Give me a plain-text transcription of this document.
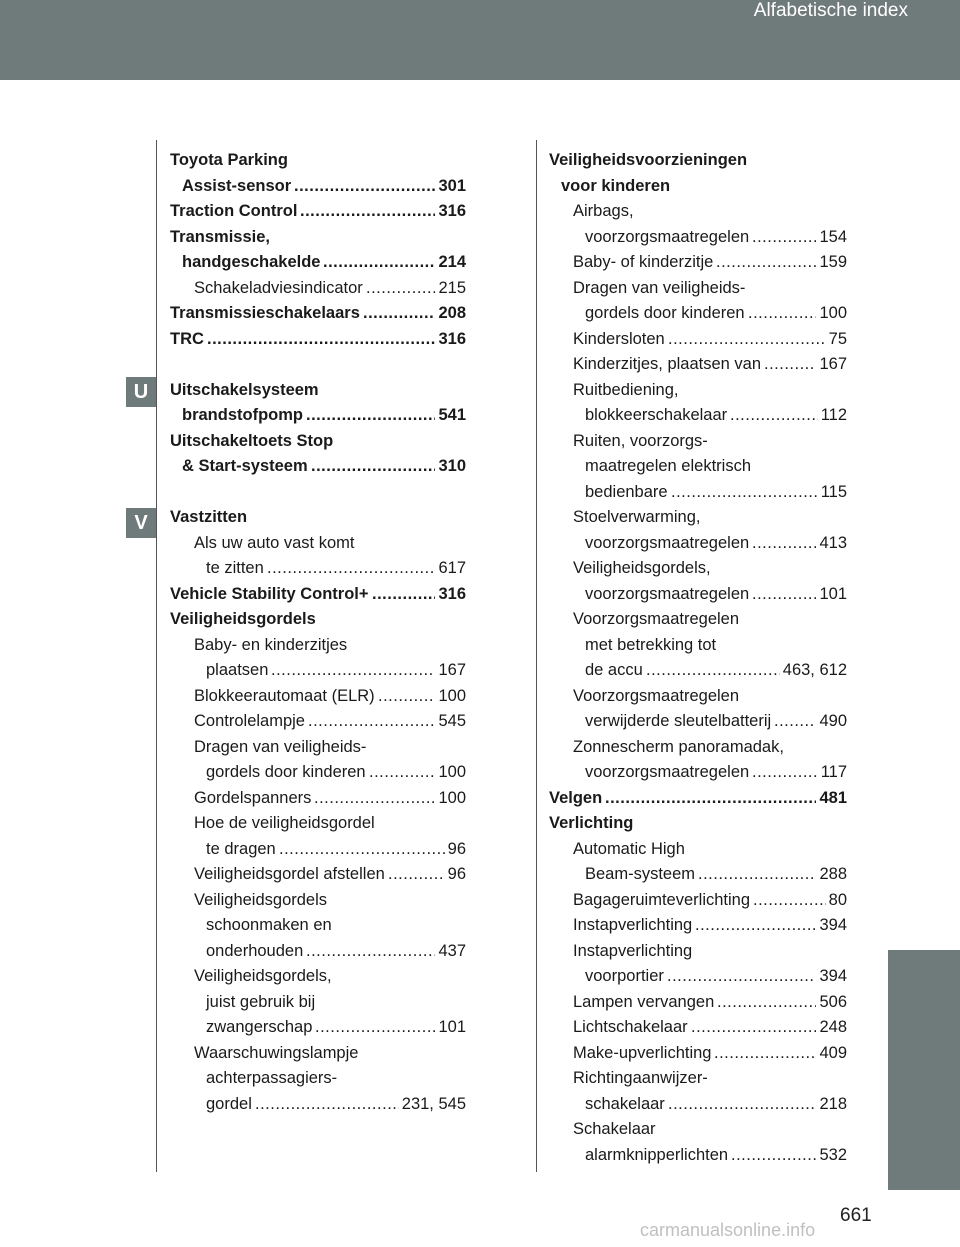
Alfabetische index
U
V
Toyota Parking
Assist-sensor	301
.....
Traction Control	316
.....
Transmissie,
handgeschakelde	214
.....
Schakeladviesindicator	215
.....
Transmissieschakelaars	208
.....
TRC	316
.....
Uitschakelsysteem
brandstofpomp	541
.....
Uitschakeltoets Stop
& Start-systeem	310
.....
Vastzitten
Als uw auto vast komt
te zitten	617
.....
Vehicle Stability Control+	316
.....
Veiligheidsgordels
Baby- en kinderzitjes
plaatsen	167
.....
Blokkeerautomaat (ELR)	100
.....
Controlelampje	545
.....
Dragen van veiligheids-
gordels door kinderen	100
.....
Gordelspanners	100
.....
Hoe de veiligheidsgordel
te dragen	96
.....
Veiligheidsgordel afstellen	96
.....
Veiligheidsgordels
schoonmaken en
onderhouden	437
.....
Veiligheidsgordels,
juist gebruik bij
zwangerschap	101
.....
Waarschuwingslampje
achterpassagiers-
gordel	231, 545
.....
Veiligheidsvoorzieningen
voor kinderen
Airbags,
voorzorgsmaatregelen	154
.....
Baby- of kinderzitje	159
.....
Dragen van veiligheids-
gordels door kinderen	100
.....
Kindersloten	75
.....
Kinderzitjes, plaatsen van	167
.....
Ruitbediening,
blokkeerschakelaar	112
.....
Ruiten, voorzorgs-
maatregelen elektrisch
bedienbare	115
.....
Stoelverwarming,
voorzorgsmaatregelen	413
.....
Veiligheidsgordels,
voorzorgsmaatregelen	101
.....
Voorzorgsmaatregelen
met betrekking tot
de accu	463, 612
.....
Voorzorgsmaatregelen
verwijderde sleutelbatterij	490
.....
Zonnescherm panoramadak,
voorzorgsmaatregelen	117
.....
Velgen	481
.....
Verlichting
Automatic High
Beam-systeem	288
.....
Bagageruimteverlichting	80
.....
Instapverlichting	394
.....
Instapverlichting
voorportier	394
.....
Lampen vervangen	506
.....
Lichtschakelaar	248
.....
Make-upverlichting	409
.....
Richtingaanwijzer-
schakelaar	218
.....
Schakelaar
alarmknipperlichten	532
.....
661
carmanualsonline.info
